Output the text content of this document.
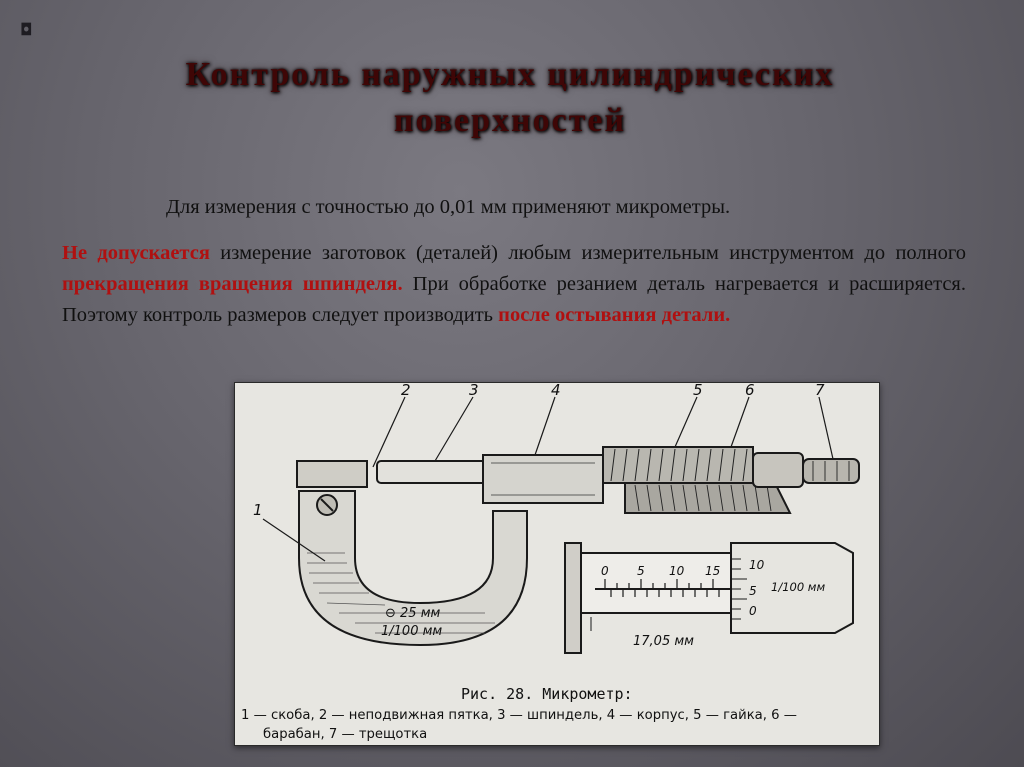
◘
Контроль наружных цилиндрических поверхностей

Для измерения с точностью до 0,01 мм применяют микрометры.

Не допускается измерение заготовок (деталей) любым измерительным инструментом до полного прекращения вращения шпинделя. При обработке резанием деталь нагревается и расширяется. Поэтому контроль размеров следует производить после остывания детали.

1
2	3	4	5	6	7
⊖ 25 мм
1/100 мм
0 5 10 15 10
5
0
1/100 мм
17,05 мм
Рис. 28. Микрометр:
1 — скоба, 2 — неподвижная пятка, 3 — шпиндель, 4 — корпус, 5 — гайка, 6 —
барабан, 7 — трещотка
